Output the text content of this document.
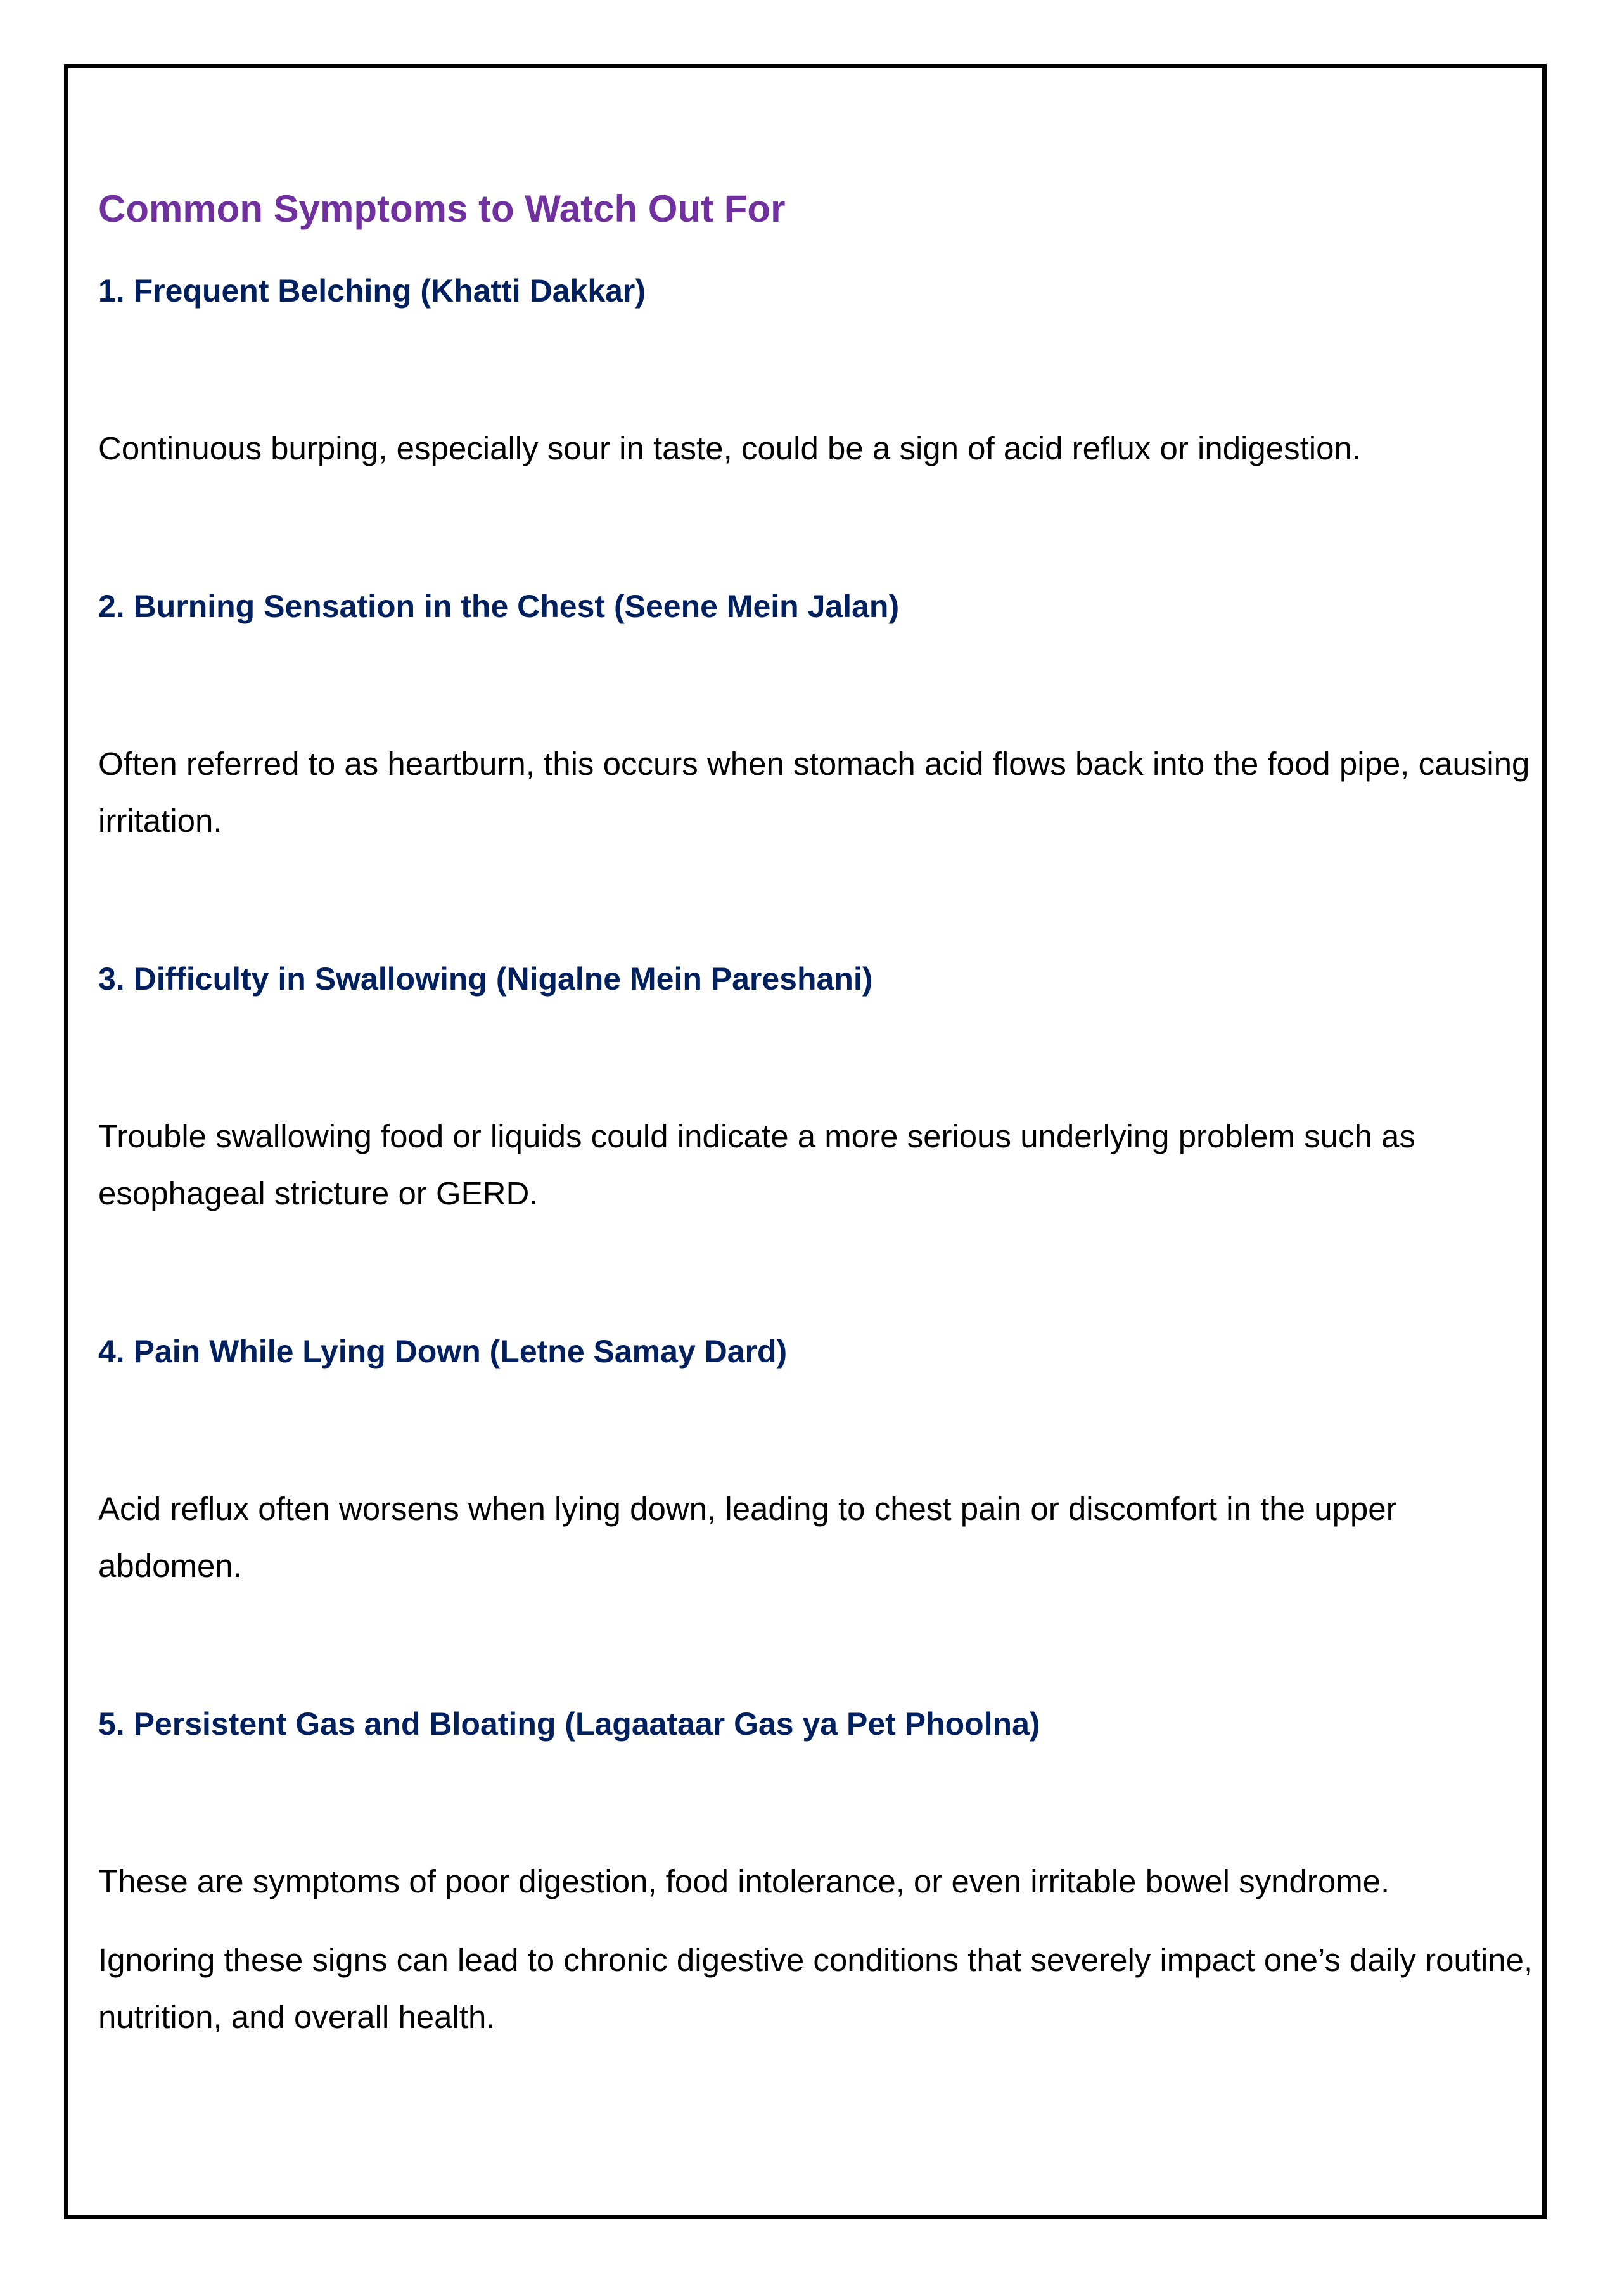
Common Symptoms to Watch Out For
1. Frequent Belching (Khatti Dakkar)
Continuous burping, especially sour in taste, could be a sign of acid reflux or indigestion.
2. Burning Sensation in the Chest (Seene Mein Jalan)
Often referred to as heartburn, this occurs when stomach acid flows back into the food pipe, causing irritation.
3. Difficulty in Swallowing (Nigalne Mein Pareshani)
Trouble swallowing food or liquids could indicate a more serious underlying problem such as esophageal stricture or GERD.
4. Pain While Lying Down (Letne Samay Dard)
Acid reflux often worsens when lying down, leading to chest pain or discomfort in the upper abdomen.
5. Persistent Gas and Bloating (Lagaataar Gas ya Pet Phoolna)
These are symptoms of poor digestion, food intolerance, or even irritable bowel syndrome.
Ignoring these signs can lead to chronic digestive conditions that severely impact one’s daily routine, nutrition, and overall health.
